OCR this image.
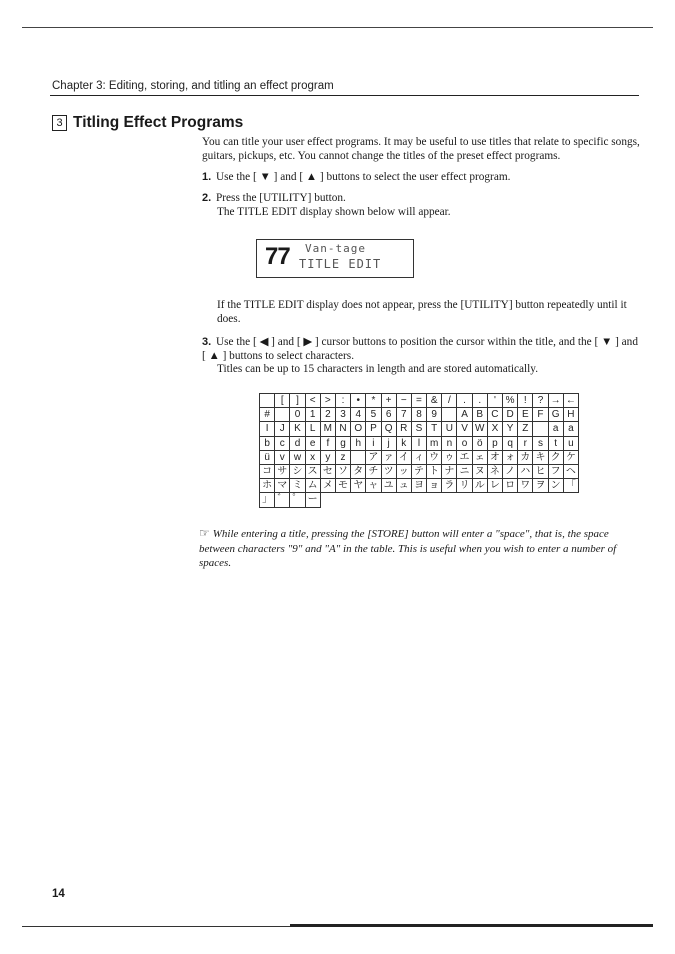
Chapter 3: Editing, storing, and titling an effect program
3 Titling Effect Programs
You can title your user effect programs. It may be useful to use titles that relate to specific songs, guitars, pickups, etc. You cannot change the titles of the preset effect programs.
1. Use the [ ▼ ] and [ ▲ ] buttons to select the user effect program.
2. Press the [UTILITY] button.
The TITLE EDIT display shown below will appear.
77 Van-tage
TITLE EDIT
If the TITLE EDIT display does not appear, press the [UTILITY] button repeatedly until it does.
3. Use the [ ◀ ] and [ ▶ ] cursor buttons to position the cursor within the title, and the [ ▼ ] and [ ▲ ] buttons to select characters.
Titles can be up to 15 characters in length and are stored automatically.
	[	]	<	>	:	•	*	+	−	=	&	/	.	.	'	%	!	?	→	←
#		0	1	2	3	4	5	6	7	8	9		A	B	C	D	E	F	G	H
I	J	K	L	M	N	O	P	Q	R	S	T	U	V	W	X	Y	Z		a	a
b	c	d	e	f	g	h	i	j	k	l	m	n	o	ö	p	q	r	s	t	u
ü	v	w	x	y	z		ア	ァ	イ	ィ	ウ	ゥ	エ	ェ	オ	ォ	カ	キ	ク	ケ
コ	サ	シ	ス	セ	ソ	タ	チ	ツ	ッ	テ	ト	ナ	ニ	ヌ	ネ	ノ	ハ	ヒ	フ	ヘ
ホ	マ	ミ	ム	メ	モ	ヤ	ャ	ユ	ュ	ヨ	ョ	ラ	リ	ル	レ	ロ	ワ	ヲ	ン	「
」	゛	゜	ー																	
☞ While entering a title, pressing the [STORE] button will enter a "space", that is, the space between characters "9" and "A" in the table. This is useful when you wish to enter a number of spaces.
14
